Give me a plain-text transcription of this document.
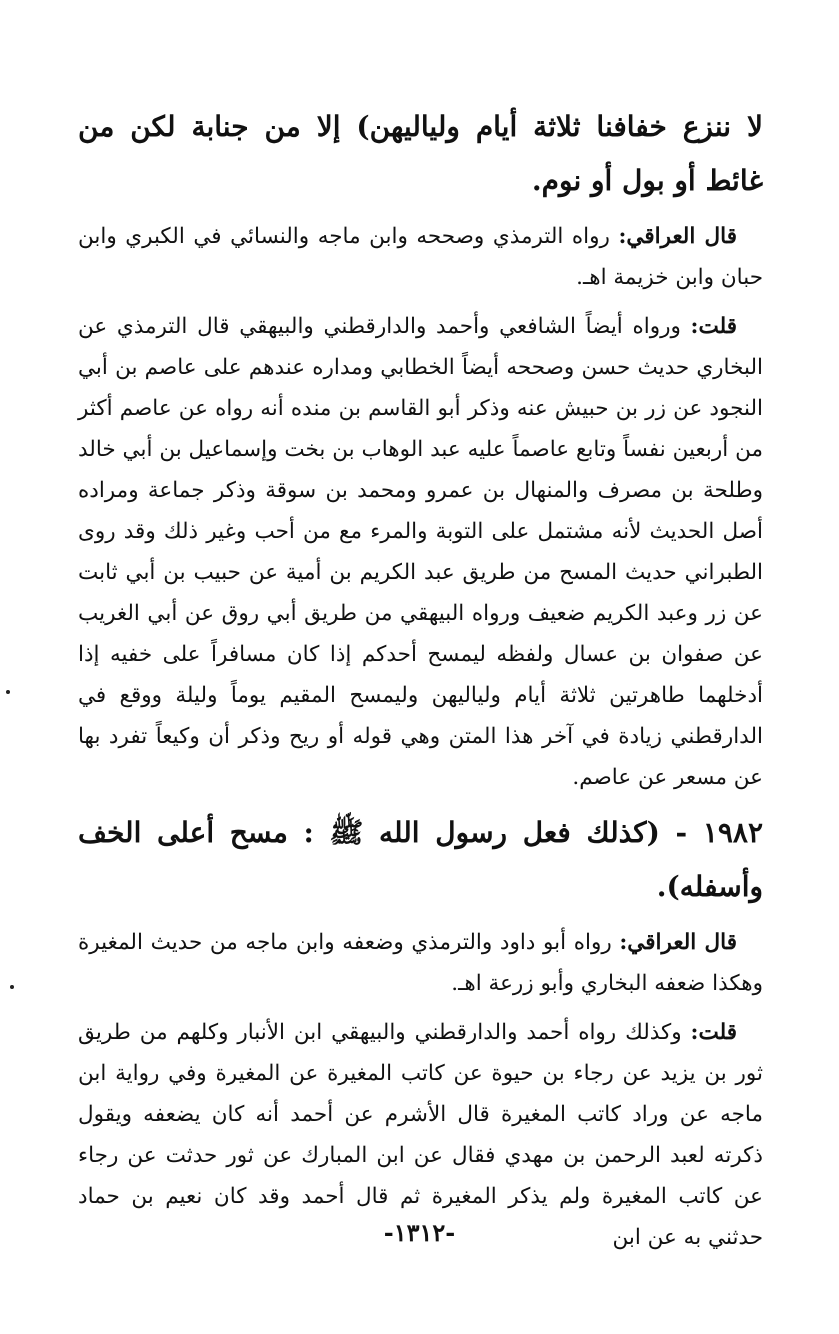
لا ننزع خفافنا ثلاثة أيام ولياليهن) إلا من جنابة لكن من غائط أو بول أو نوم.

قال العراقي: رواه الترمذي وصححه وابن ماجه والنسائي في الكبري وابن حبان وابن خزيمة اهـ.

قلت: ورواه أيضاً الشافعي وأحمد والدارقطني والبيهقي قال الترمذي عن البخاري حديث حسن وصححه أيضاً الخطابي ومداره عندهم على عاصم بن أبي النجود عن زر بن حبيش عنه وذكر أبو القاسم بن منده أنه رواه عن عاصم أكثر من أربعين نفساً وتابع عاصماً عليه عبد الوهاب بن بخت وإسماعيل بن أبي خالد وطلحة بن مصرف والمنهال بن عمرو ومحمد بن سوقة وذكر جماعة ومراده أصل الحديث لأنه مشتمل على التوبة والمرء مع من أحب وغير ذلك وقد روى الطبراني حديث المسح من طريق عبد الكريم بن أمية عن حبيب بن أبي ثابت عن زر وعبد الكريم ضعيف ورواه البيهقي من طريق أبي روق عن أبي الغريب عن صفوان بن عسال ولفظه ليمسح أحدكم إذا كان مسافراً على خفيه إذا أدخلهما طاهرتين ثلاثة أيام ولياليهن وليمسح المقيم يوماً وليلة ووقع في الدارقطني زيادة في آخر هذا المتن وهي قوله أو ريح وذكر أن وكيعاً تفرد بها عن مسعر عن عاصم.

١٩٨٢ - (كذلك فعل رسول الله ﷺ : مسح أعلى الخف وأسفله).

قال العراقي: رواه أبو داود والترمذي وضعفه وابن ماجه من حديث المغيرة وهكذا ضعفه البخاري وأبو زرعة اهـ.

قلت: وكذلك رواه أحمد والدارقطني والبيهقي ابن الأنبار وكلهم من طريق ثور بن يزيد عن رجاء بن حيوة عن كاتب المغيرة عن المغيرة وفي رواية ابن ماجه عن وراد كاتب المغيرة قال الأشرم عن أحمد أنه كان يضعفه ويقول ذكرته لعبد الرحمن بن مهدي فقال عن ابن المبارك عن ثور حدثت عن رجاء عن كاتب المغيرة ولم يذكر المغيرة ثم قال أحمد وقد كان نعيم بن حماد حدثني به عن ابن

-١٣١٢-
